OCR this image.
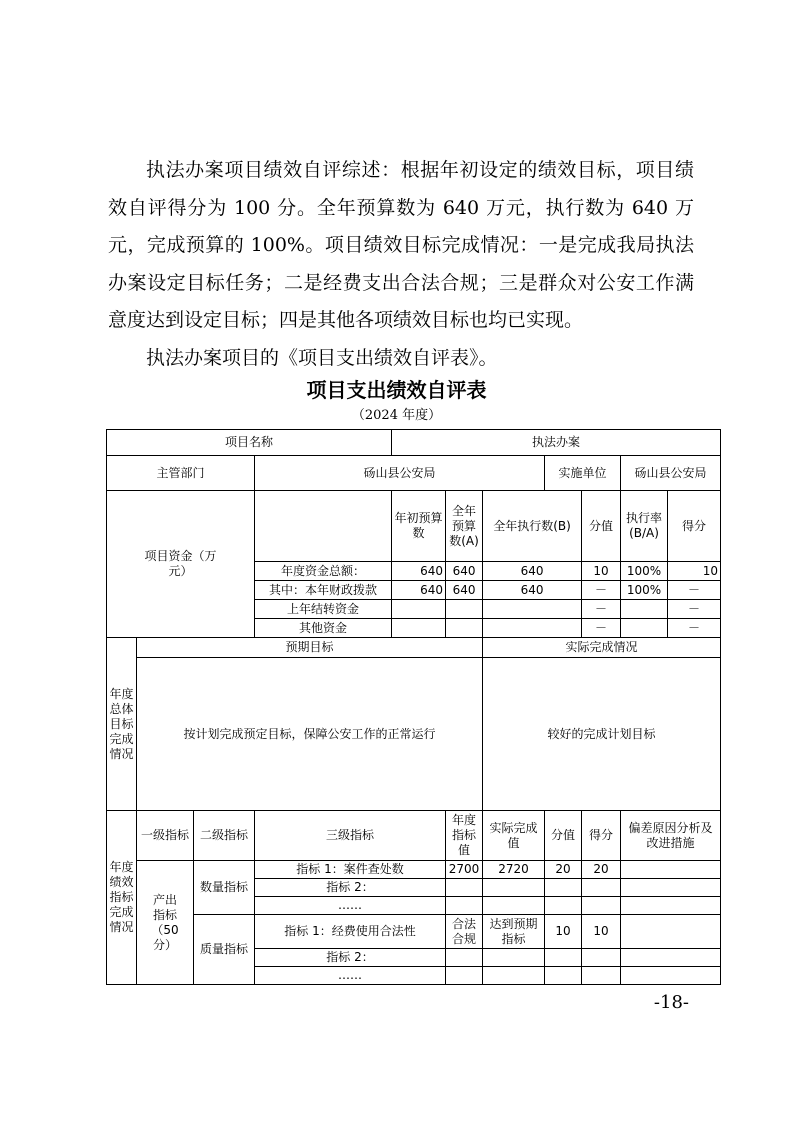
执法办案项目绩效自评综述：根据年初设定的绩效目标，项目绩效自评得分为 100 分。全年预算数为 640 万元，执行数为 640 万元，完成预算的 100%。项目绩效目标完成情况：一是完成我局执法办案设定目标任务；二是经费支出合法合规；三是群众对公安工作满意度达到设定目标；四是其他各项绩效目标也均已实现。
执法办案项目的《项目支出绩效自评表》。
项目支出绩效自评表
（2024 年度）
项目名称				执法办案						
主管部门			砀山县公安局				实施单位		砀山县公安局	
项目资金（万元）				年初预算数	全年预算数(A)	全年执行数(B)		分值	执行率(B/A)	得分
			年度资金总额：	640	640	640		10	100%	10
			其中：本年财政拨款	640	640	640		－	100%	－
			上年结转资金					－		－
			其他资金					－		－
年度总体目标完成情况	预期目标					实际完成情况				
	按计划完成预定目标，保障公安工作的正常运行					较好的完成计划目标				
年度绩效指标完成情况	一级指标	二级指标	三级指标		年度指标值	实际完成值	分值	得分	偏差原因分析及改进措施	
	产出指标（50分）	数量指标	指标 1：案件查处数		2700	2720	20	20		
			指标 2：							
			……							
		质量指标	指标 1：经费使用合法性		合法合规	达到预期指标	10	10		
			指标 2：							
			……							
-18-
